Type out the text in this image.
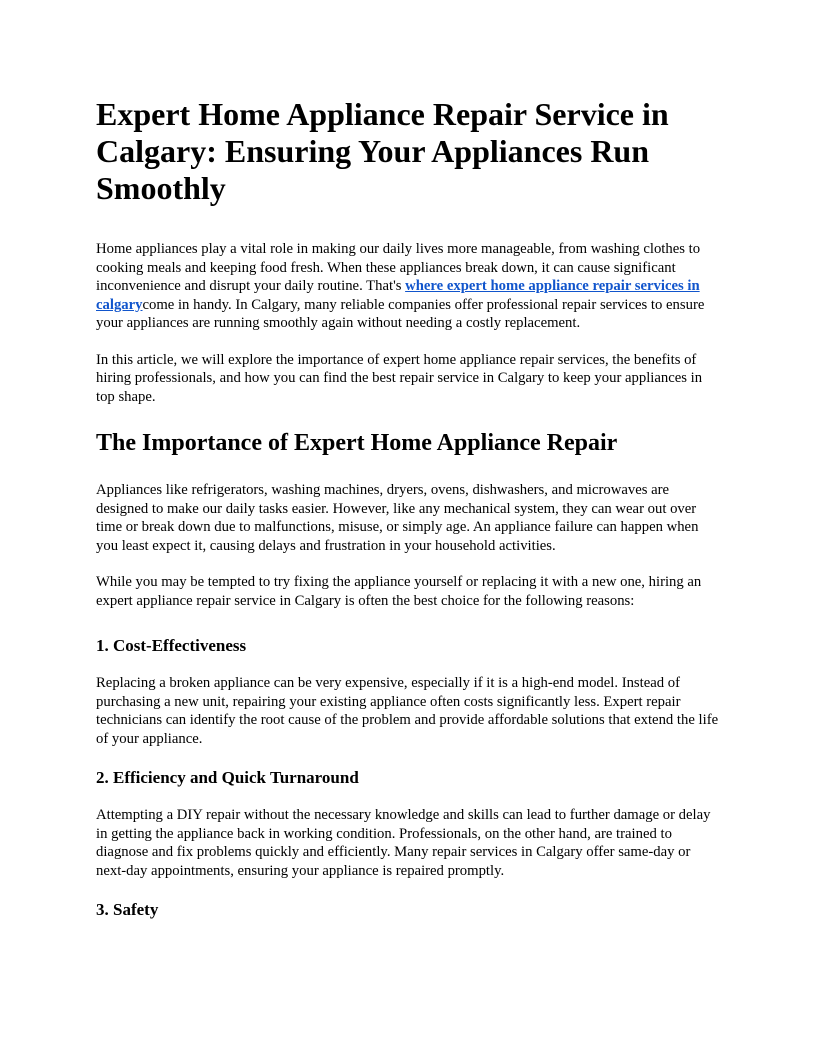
Expert Home Appliance Repair Service in Calgary: Ensuring Your Appliances Run Smoothly

Home appliances play a vital role in making our daily lives more manageable, from washing clothes to cooking meals and keeping food fresh. When these appliances break down, it can cause significant inconvenience and disrupt your daily routine. That's where expert home appliance repair services in calgarycome in handy. In Calgary, many reliable companies offer professional repair services to ensure your appliances are running smoothly again without needing a costly replacement.

In this article, we will explore the importance of expert home appliance repair services, the benefits of hiring professionals, and how you can find the best repair service in Calgary to keep your appliances in top shape.

The Importance of Expert Home Appliance Repair

Appliances like refrigerators, washing machines, dryers, ovens, dishwashers, and microwaves are designed to make our daily tasks easier. However, like any mechanical system, they can wear out over time or break down due to malfunctions, misuse, or simply age. An appliance failure can happen when you least expect it, causing delays and frustration in your household activities.

While you may be tempted to try fixing the appliance yourself or replacing it with a new one, hiring an expert appliance repair service in Calgary is often the best choice for the following reasons:

1. Cost-Effectiveness

Replacing a broken appliance can be very expensive, especially if it is a high-end model. Instead of purchasing a new unit, repairing your existing appliance often costs significantly less. Expert repair technicians can identify the root cause of the problem and provide affordable solutions that extend the life of your appliance.

2. Efficiency and Quick Turnaround

Attempting a DIY repair without the necessary knowledge and skills can lead to further damage or delay in getting the appliance back in working condition. Professionals, on the other hand, are trained to diagnose and fix problems quickly and efficiently. Many repair services in Calgary offer same-day or next-day appointments, ensuring your appliance is repaired promptly.

3. Safety
